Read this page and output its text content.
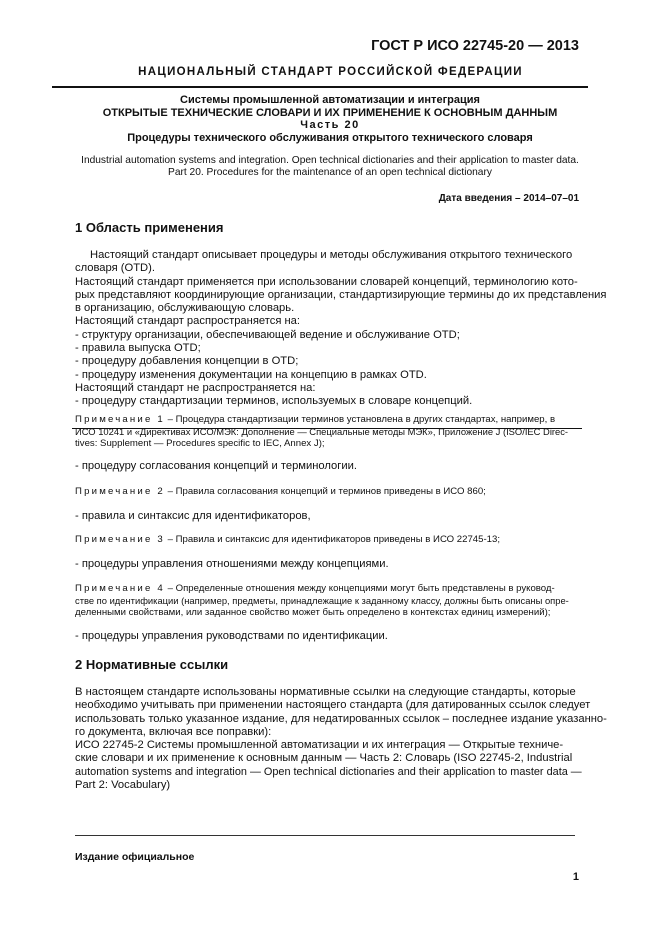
ГОСТ Р ИСО 22745-20 — 2013
НАЦИОНАЛЬНЫЙ СТАНДАРТ РОССИЙСКОЙ ФЕДЕРАЦИИ
Системы промышленной автоматизации и интеграция
ОТКРЫТЫЕ ТЕХНИЧЕСКИЕ СЛОВАРИ И ИХ ПРИМЕНЕНИЕ К ОСНОВНЫМ ДАННЫМ
Часть 20
Процедуры технического обслуживания открытого технического словаря
Industrial automation systems and integration. Open technical dictionaries and their application to master data.
Part 20. Procedures for the maintenance of an open technical dictionary
Дата введения – 2014–07–01
1 Область применения
Настоящий стандарт описывает процедуры и методы обслуживания открытого технического
словаря (OTD).
Настоящий стандарт применяется при использовании словарей концепций, терминологию кото-
рых представляют координирующие организации, стандартизирующие термины до их представления
в организацию, обслуживающую словарь.
Настоящий стандарт распространяется на:
- структуру организации, обеспечивающей ведение и обслуживание OTD;
- правила выпуска OTD;
- процедуру добавления концепции в OTD;
- процедуру изменения документации на концепцию в рамках OTD.
Настоящий стандарт не распространяется на:
- процедуру стандартизации терминов, используемых в словаре концепций.
Примечание 1 – Процедура стандартизации терминов установлена в других стандартах, например, в
ИСО 10241 и «Директивах ИСО/МЭК: Дополнение — Специальные методы МЭК», Приложение J (ISO/IEC Direc-
tives: Supplement — Procedures specific to IEC, Annex J);
- процедуру согласования концепций и терминологии.
Примечание 2 – Правила согласования концепций и терминов приведены в ИСО 860;
- правила и синтаксис для идентификаторов,
Примечание 3 – Правила и синтаксис для идентификаторов приведены в ИСО 22745-13;
- процедуры управления отношениями между концепциями.
Примечание 4 – Определенные отношения между концепциями могут быть представлены в руковод-
стве по идентификации (например, предметы, принадлежащие к заданному классу, должны быть описаны опре-
деленными свойствами, или заданное свойство может быть определено в контекстах единиц измерений);
- процедуры управления руководствами по идентификации.
2 Нормативные ссылки
В настоящем стандарте использованы нормативные ссылки на следующие стандарты, которые
необходимо учитывать при применении настоящего стандарта (для датированных ссылок следует
использовать только указанное издание, для недатированных ссылок – последнее издание указанно-
го документа, включая все поправки):
ИСО 22745-2 Системы промышленной автоматизации и их интеграция — Открытые техниче-
ские словари и их применение к основным данным — Часть 2: Словарь (ISO 22745-2, Industrial
automation systems and integration — Open technical dictionaries and their application to master data —
Part 2: Vocabulary)
Издание официальное
1
